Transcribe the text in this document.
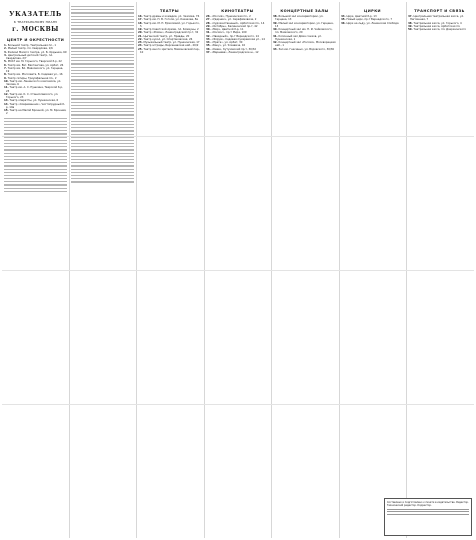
УКАЗАТЕЛЬ
К ТЕАТРАЛЬНОМУ ПЛАНУ
г. МОСКВЫ
ЦЕНТР И ОКРЕСТНОСТИ
1. Большой театр, Театральная пл., 1
2. Малый театр, пл. Свердлова, 1/6
3. Филиал Малого театра, ул. Б. Ордынка, 69
4. Центральный детский театр, пл. Свердлова, 2/7
5. МХАТ им. М. Горького, Тверской б-р, 22
6. Театр им. Евг. Вахтангова, ул. Арбат, 26
7. Театр им. Вл. Маяковского, ул. Герцена, 19
8. Театр им. Моссовета, Б. Садовая ул., 16
9. Театр сатиры, Триумфальная пл., 2
10. Театр им. Ленинского комсомола, ул. Чехова, 6
11. Театр им. А. С. Пушкина, Тверской б-р, 23
12. Театр им. К. С. Станиславского, ул. Горького, 23
13. Театр оперетты, ул. Пушкинская, 6
14. Театр «Современник», Чистопрудный б-р, 19а
15. Театр на Малой Бронной, ул. М. Бронная, 2
ТЕАТРЫ
16. Театр драмы и комедии, ул. Чкалова, 76
17. Театр им. Н. В. Гоголя, ул. Казакова, 8а
18. Театр им. М. Н. Ермоловой, ул. Горького, 5
19. Театр Советской Армии, пл. Коммуны, 2
20. Театр «Ромэн», Ленинградский пр-т, 32
21. Цыганский театр, ул. Правды, 20
22. Театр кукол, ул. Спартаковская, 26
23. Музыкальный театр, ул. Пушкинская, 17
24. Театр эстрады, Берсеневская наб., 20/2
25. Театр юного зрителя, Мамоновский пер., 10
КИНОТЕАТРЫ
26. «Россия», Пушкинская пл., 2
27. «Ударник», ул. Серафимовича, 2
28. «Художественный», Арбатская пл., 14
29. «Октябрь», Калининский пр-т, 42
30. «Мир», Цветной б-р, 11
31. «Космос», пр-т Мира, 109
32. «Звездный», пр-т Вернадского, 14
33. «Форум», Садовая-Сухаревская ул., 14
34. «Прага», ул. Арбат, 30
35. «Баку», ул. Усиевича, 10
36. «Киев», Кутузовский пр-т, 30/32
37. «Варшава», Ленинградское ш., 12
КОНЦЕРТНЫЕ ЗАЛЫ
38. Большой зал консерватории, ул. Герцена, 13
39. Малый зал консерватории, ул. Герцена, 13
40. Концертный зал им. П. И. Чайковского, пл. Маяковского, 20
41. Колонный зал Дома союзов, ул. Пушкинская, 1
42. Концертный зал «Россия», Москворецкая наб., 1
43. Зал им. Гнесиных, ул. Воровского, 30/36
ЦИРКИ
44. Цирк, Цветной б-р, 13
45. Новый цирк, пр-т Вернадского, 7
46. Цирк на льду, ул. Ленинская Слобода
ТРАНСПОРТ И СВЯЗЬ
47. Центральная театральная касса, ул. Неглинная, 7
48. Театральная касса, ул. Горького, 4
49. Театральная касса, Арбатская пл.
50. Театральная касса, пл. Дзержинского
Составлено и подготовлено к печати в издательстве. Редактор. Технический редактор. Корректор.
